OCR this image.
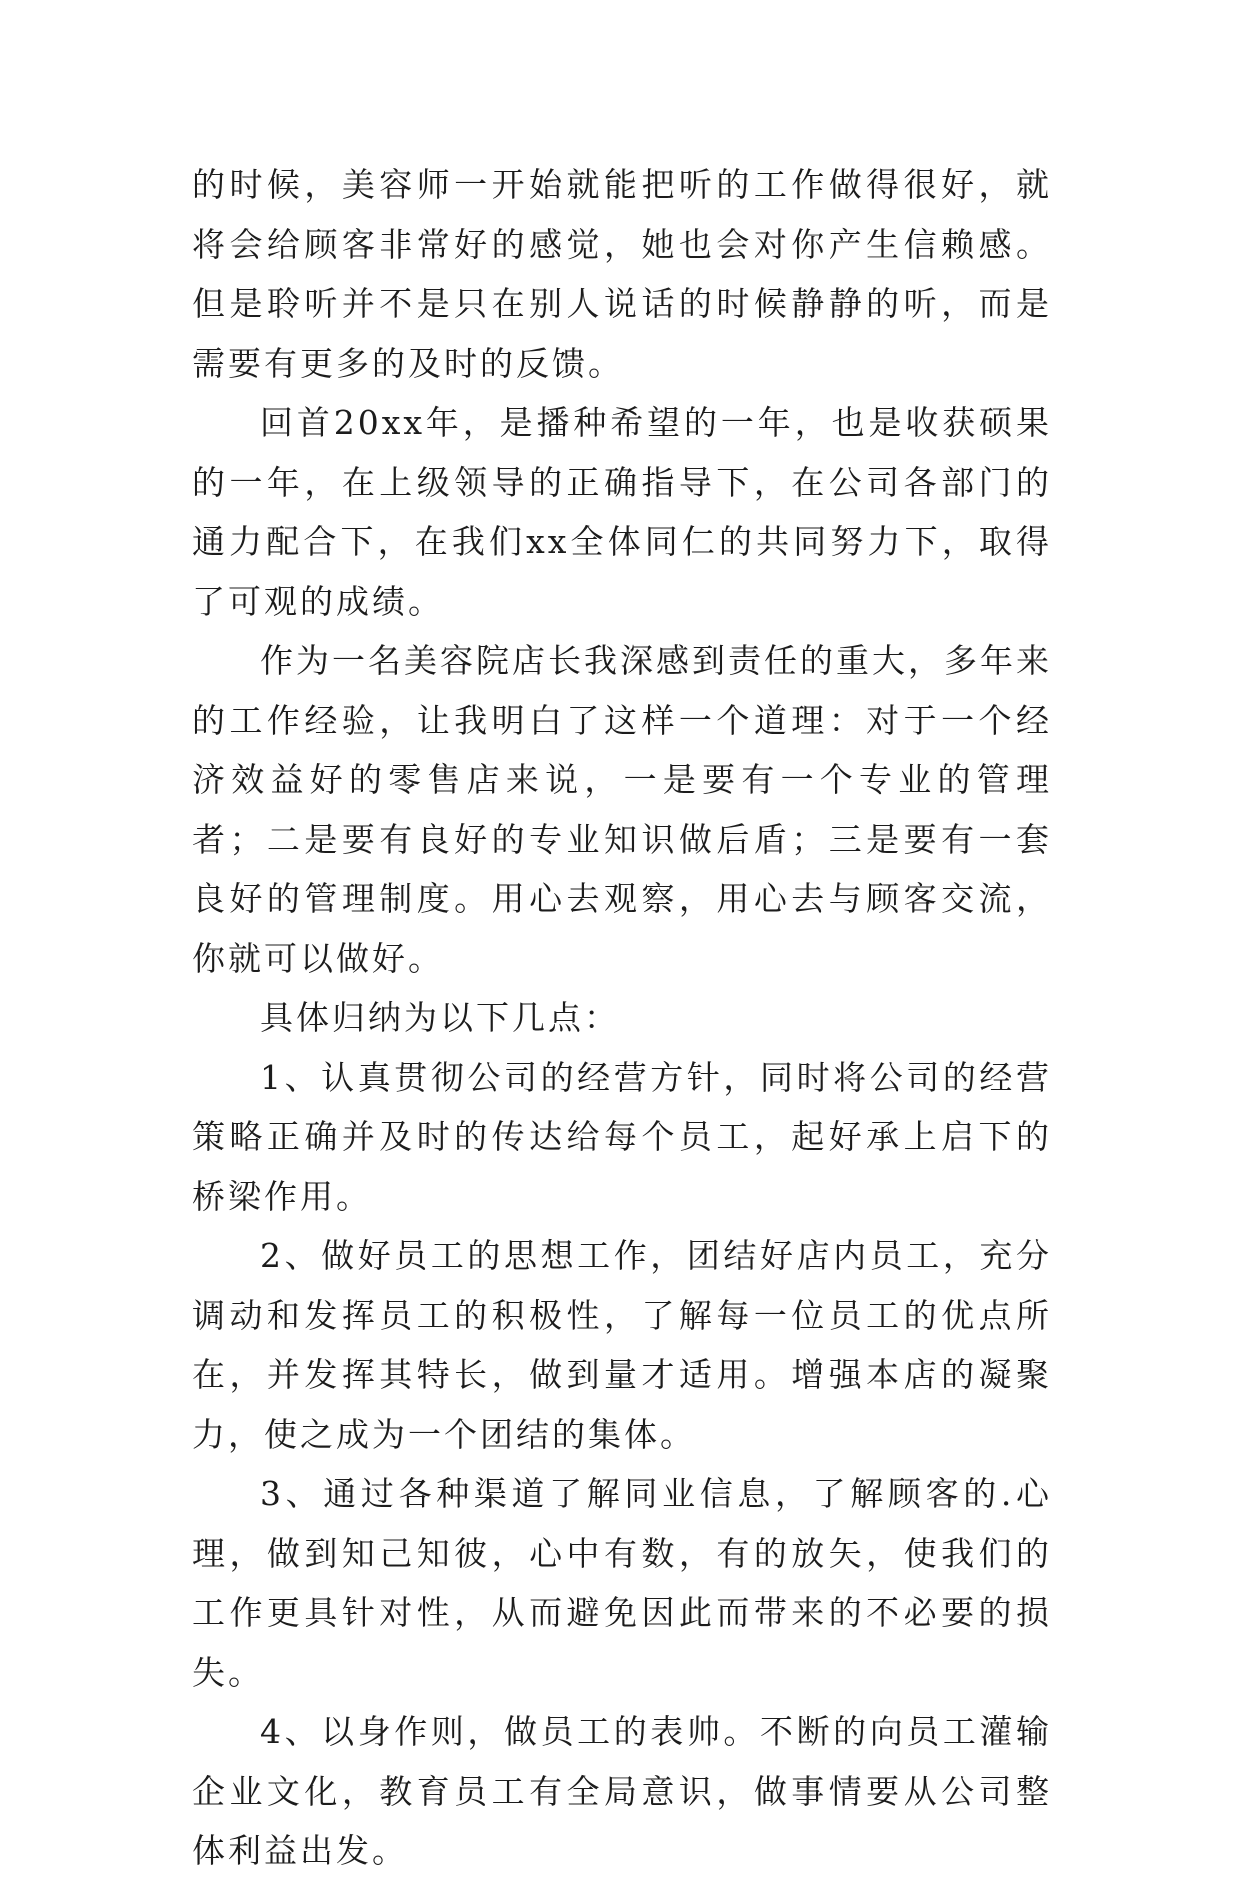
的时候，美容师一开始就能把听的工作做得很好，就将会给顾客非常好的感觉，她也会对你产生信赖感。但是聆听并不是只在别人说话的时候静静的听，而是需要有更多的及时的反馈。

回首20xx年，是播种希望的一年，也是收获硕果的一年，在上级领导的正确指导下，在公司各部门的通力配合下，在我们xx全体同仁的共同努力下，取得了可观的成绩。

作为一名美容院店长我深感到责任的重大，多年来的工作经验，让我明白了这样一个道理：对于一个经济效益好的零售店来说，一是要有一个专业的管理者；二是要有良好的专业知识做后盾；三是要有一套良好的管理制度。用心去观察，用心去与顾客交流，你就可以做好。

具体归纳为以下几点：

1、认真贯彻公司的经营方针，同时将公司的经营策略正确并及时的传达给每个员工，起好承上启下的桥梁作用。

2、做好员工的思想工作，团结好店内员工，充分调动和发挥员工的积极性，了解每一位员工的优点所在，并发挥其特长，做到量才适用。增强本店的凝聚力，使之成为一个团结的集体。

3、通过各种渠道了解同业信息，了解顾客的.心理，做到知己知彼，心中有数，有的放矢，使我们的工作更具针对性，从而避免因此而带来的不必要的损失。

4、以身作则，做员工的表帅。不断的向员工灌输企业文化，教育员工有全局意识，做事情要从公司整体利益出发。
